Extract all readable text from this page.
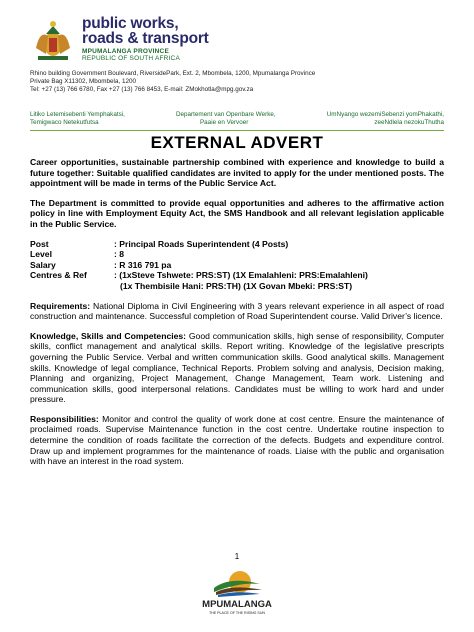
public works,
roads & transport
MPUMALANGA PROVINCE
REPUBLIC OF SOUTH AFRICA
Rhino building Government Boulevard, RiversidePark, Ext. 2, Mbombela, 1200, Mpumalanga Province
Private Bag X11302, Mbombela, 1200
Tel: +27 (13) 766 6780, Fax +27 (13) 766 8453, E-mail: ZMokhotla@mpg.gov.za
Litiko Letemisebenti Yemphakatsi,
Temigwaco Netekutfutsa
Departement van Openbare Werke,
Paaie en Vervoer
UmNyango wezemiSebenzi yomPhakathi,
zeeNdlela nezokuThutha
EXTERNAL ADVERT

Career opportunities, sustainable partnership combined with experience and knowledge to build a future together: Suitable qualified candidates are invited to apply for the under mentioned posts. The appointment will be made in terms of the Public Service Act.

The Department is committed to provide equal opportunities and adheres to the affirmative action policy in line with Employment Equity Act, the SMS Handbook and all relevant legislation applicable in the Public Service.

Post	: Principal Roads Superintendent (4 Posts)
Level	: 8
Salary	: R 316 791 pa
Centres & Ref	: (1xSteve Tshwete: PRS:ST) (1X Emalahleni: PRS:Emalahleni)
(1x Thembisile Hani: PRS:TH) (1X Govan Mbeki: PRS:ST)

Requirements: National Diploma in Civil Engineering with 3 years relevant experience in all aspect of road construction and maintenance. Successful completion of Road Superintendent course. Valid Driver’s licence.

Knowledge, Skills and Competencies: Good communication skills, high sense of responsibility, Computer skills, conflict management and analytical skills. Report writing. Knowledge of the legislative prescripts governing the Public Service. Verbal and written communication skills. Good analytical skills. Management skills. Knowledge of legal compliance, Technical Reports. Problem solving and analysis, Decision making, Planning and organizing, Project Management, Change Management, Team work. Listening and communication skills, good interpersonal relations. Candidates must be willing to work hard and under pressure.

Responsibilities: Monitor and control the quality of work done at cost centre. Ensure the maintenance of proclaimed roads. Supervise Maintenance function in the cost centre. Undertake routine inspection to determine the condition of roads facilitate the correction of the defects. Budgets and expenditure control. Draw up and implement programmes for the maintenance of roads. Liaise with the public and organisation with have an interest in the road system.

1
MPUMALANGA
THE PLACE OF THE RISING SUN
